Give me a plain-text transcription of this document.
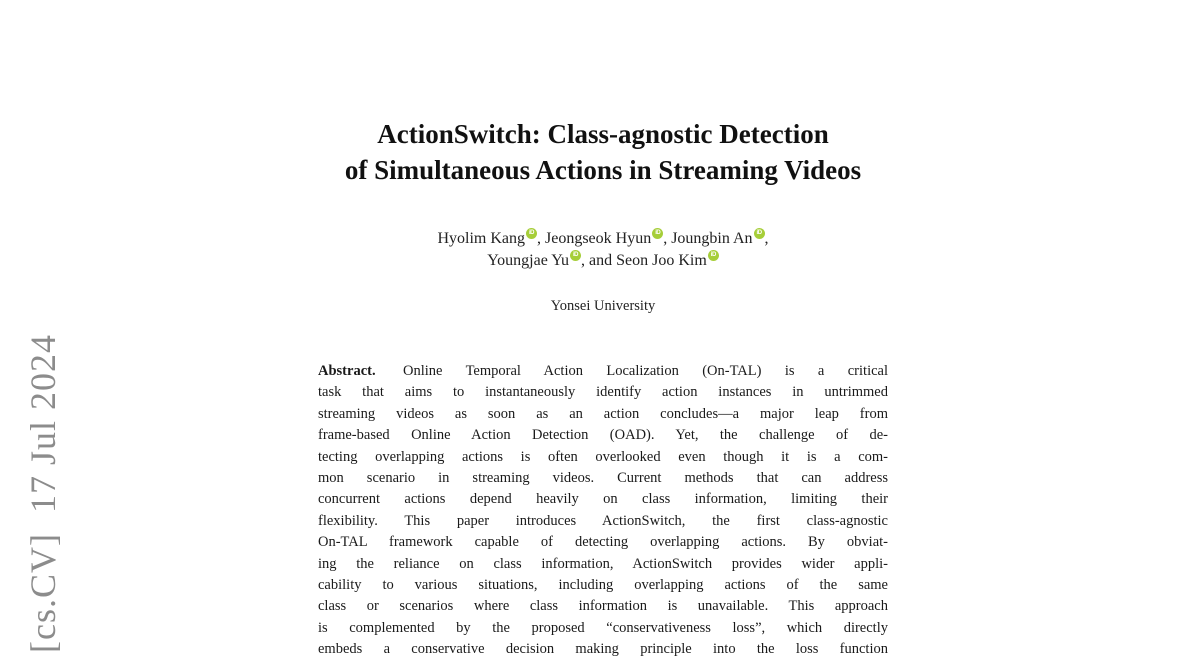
[cs.CV]  17 Jul 2024
ActionSwitch: Class-agnostic Detection
of Simultaneous Actions in Streaming Videos
Hyolim Kang iD , Jeongseok Hyun iD , Joungbin An iD ,
Youngjae Yu iD , and Seon Joo Kim iD
Yonsei University
Abstract. Online Temporal Action Localization (On-TAL) is a critical
task that aims to instantaneously identify action instances in untrimmed
streaming videos as soon as an action concludes—a major leap from
frame-based Online Action Detection (OAD). Yet, the challenge of de-
tecting overlapping actions is often overlooked even though it is a com-
mon scenario in streaming videos. Current methods that can address
concurrent actions depend heavily on class information, limiting their
flexibility. This paper introduces ActionSwitch, the first class-agnostic
On-TAL framework capable of detecting overlapping actions. By obviat-
ing the reliance on class information, ActionSwitch provides wider appli-
cability to various situations, including overlapping actions of the same
class or scenarios where class information is unavailable. This approach
is complemented by the proposed “conservativeness loss”, which directly
embeds a conservative decision making principle into the loss function
